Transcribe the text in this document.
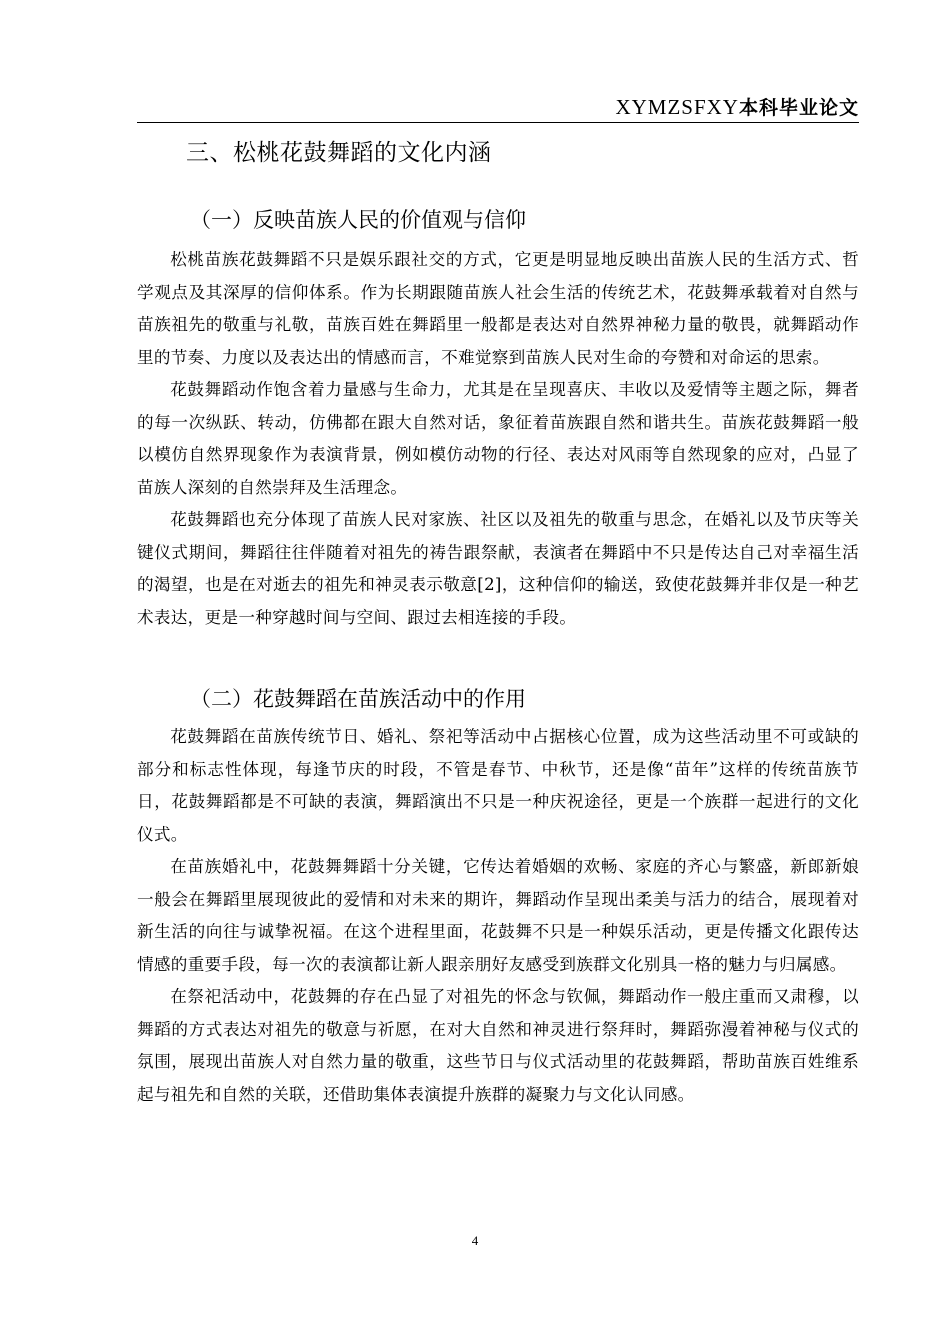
XYMZSFXY本科毕业论文
三、松桃花鼓舞蹈的文化内涵
（一）反映苗族人民的价值观与信仰

松桃苗族花鼓舞蹈不只是娱乐跟社交的方式，它更是明显地反映出苗族人民的生活方式、哲学观点及其深厚的信仰体系。作为长期跟随苗族人社会生活的传统艺术，花鼓舞承载着对自然与苗族祖先的敬重与礼敬，苗族百姓在舞蹈里一般都是表达对自然界神秘力量的敬畏，就舞蹈动作里的节奏、力度以及表达出的情感而言，不难觉察到苗族人民对生命的夸赞和对命运的思索。

花鼓舞蹈动作饱含着力量感与生命力，尤其是在呈现喜庆、丰收以及爱情等主题之际，舞者的每一次纵跃、转动，仿佛都在跟大自然对话，象征着苗族跟自然和谐共生。苗族花鼓舞蹈一般以模仿自然界现象作为表演背景，例如模仿动物的行径、表达对风雨等自然现象的应对，凸显了苗族人深刻的自然崇拜及生活理念。

花鼓舞蹈也充分体现了苗族人民对家族、社区以及祖先的敬重与思念，在婚礼以及节庆等关键仪式期间，舞蹈往往伴随着对祖先的祷告跟祭献，表演者在舞蹈中不只是传达自己对幸福生活的渴望，也是在对逝去的祖先和神灵表示敬意[2]，这种信仰的输送，致使花鼓舞并非仅是一种艺术表达，更是一种穿越时间与空间、跟过去相连接的手段。

（二）花鼓舞蹈在苗族活动中的作用

花鼓舞蹈在苗族传统节日、婚礼、祭祀等活动中占据核心位置，成为这些活动里不可或缺的部分和标志性体现，每逢节庆的时段，不管是春节、中秋节，还是像“苗年”这样的传统苗族节日，花鼓舞蹈都是不可缺的表演，舞蹈演出不只是一种庆祝途径，更是一个族群一起进行的文化仪式。

在苗族婚礼中，花鼓舞舞蹈十分关键，它传达着婚姻的欢畅、家庭的齐心与繁盛，新郎新娘一般会在舞蹈里展现彼此的爱情和对未来的期许，舞蹈动作呈现出柔美与活力的结合，展现着对新生活的向往与诚挚祝福。在这个进程里面，花鼓舞不只是一种娱乐活动，更是传播文化跟传达情感的重要手段，每一次的表演都让新人跟亲朋好友感受到族群文化别具一格的魅力与归属感。

在祭祀活动中，花鼓舞的存在凸显了对祖先的怀念与钦佩，舞蹈动作一般庄重而又肃穆，以舞蹈的方式表达对祖先的敬意与祈愿，在对大自然和神灵进行祭拜时，舞蹈弥漫着神秘与仪式的氛围，展现出苗族人对自然力量的敬重，这些节日与仪式活动里的花鼓舞蹈，帮助苗族百姓维系起与祖先和自然的关联，还借助集体表演提升族群的凝聚力与文化认同感。

4
